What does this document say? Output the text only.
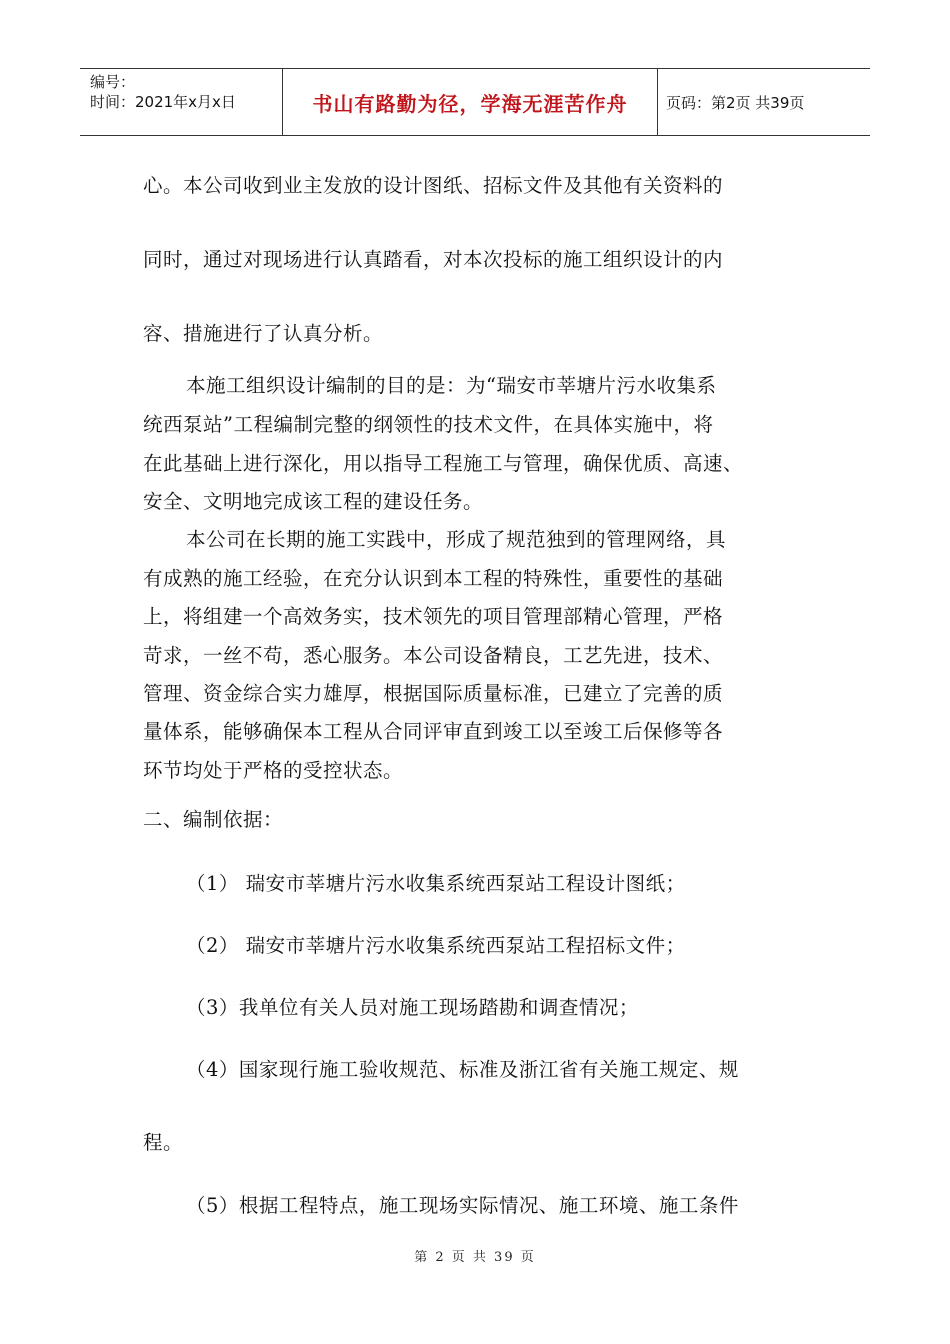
编号：
时间：2021年x月x日	书山有路勤为径，学海无涯苦作舟	页码：第2页 共39页
心。本公司收到业主发放的设计图纸、招标文件及其他有关资料的
同时，通过对现场进行认真踏看，对本次投标的施工组织设计的内
容、措施进行了认真分析。
本施工组织设计编制的目的是：为“瑞安市莘塘片污水收集系
统西泵站”工程编制完整的纲领性的技术文件，在具体实施中，将
在此基础上进行深化，用以指导工程施工与管理，确保优质、高速、
安全、文明地完成该工程的建设任务。
本公司在长期的施工实践中，形成了规范独到的管理网络，具
有成熟的施工经验，在充分认识到本工程的特殊性，重要性的基础
上，将组建一个高效务实，技术领先的项目管理部精心管理，严格
苛求，一丝不苟，悉心服务。本公司设备精良，工艺先进，技术、
管理、资金综合实力雄厚，根据国际质量标准，已建立了完善的质
量体系，能够确保本工程从合同评审直到竣工以至竣工后保修等各
环节均处于严格的受控状态。
二、编制依据：
（1） 瑞安市莘塘片污水收集系统西泵站工程设计图纸；
（2） 瑞安市莘塘片污水收集系统西泵站工程招标文件；
（3）我单位有关人员对施工现场踏勘和调查情况；
（4）国家现行施工验收规范、标准及浙江省有关施工规定、规
程。
（5）根据工程特点，施工现场实际情况、施工环境、施工条件
第 2 页 共 39 页
